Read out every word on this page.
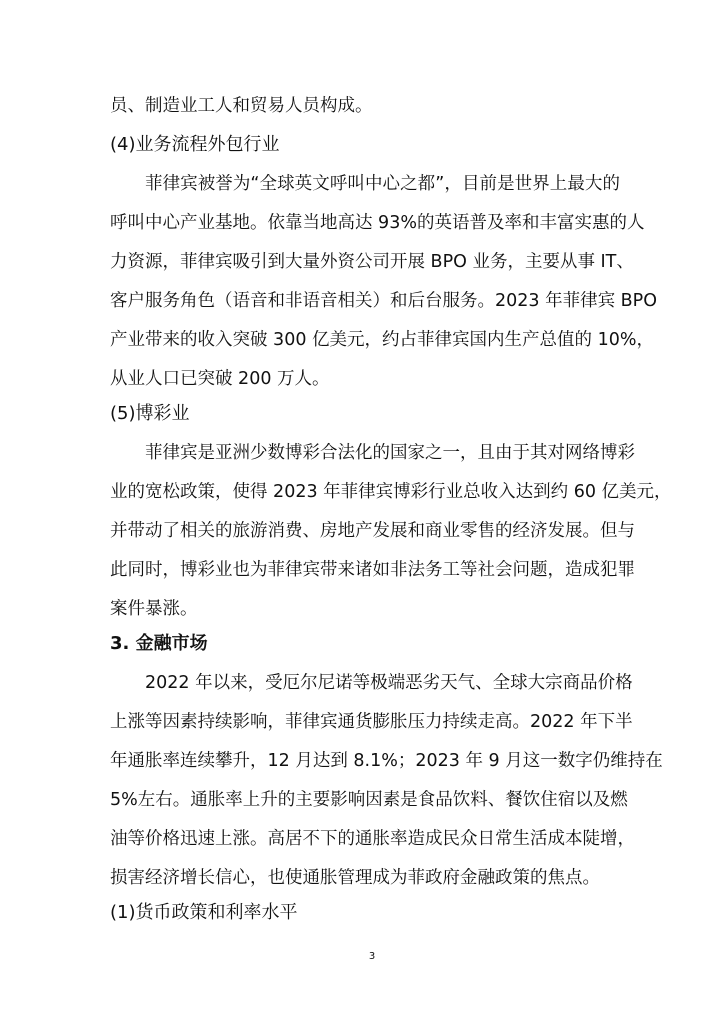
员、制造业工人和贸易人员构成。
(4)业务流程外包行业
菲律宾被誉为“全球英文呼叫中心之都”，目前是世界上最大的
呼叫中心产业基地。依靠当地高达 93%的英语普及率和丰富实惠的人
力资源，菲律宾吸引到大量外资公司开展 BPO 业务，主要从事 IT、
客户服务角色（语音和非语音相关）和后台服务。2023 年菲律宾 BPO
产业带来的收入突破 300 亿美元，约占菲律宾国内生产总值的 10%，
从业人口已突破 200 万人。
(5)博彩业
菲律宾是亚洲少数博彩合法化的国家之一，且由于其对网络博彩
业的宽松政策，使得 2023 年菲律宾博彩行业总收入达到约 60 亿美元，
并带动了相关的旅游消费、房地产发展和商业零售的经济发展。但与
此同时，博彩业也为菲律宾带来诸如非法务工等社会问题，造成犯罪
案件暴涨。
3. 金融市场
2022 年以来，受厄尔尼诺等极端恶劣天气、全球大宗商品价格
上涨等因素持续影响，菲律宾通货膨胀压力持续走高。2022 年下半
年通胀率连续攀升，12 月达到 8.1%；2023 年 9 月这一数字仍维持在
5%左右。通胀率上升的主要影响因素是食品饮料、餐饮住宿以及燃
油等价格迅速上涨。高居不下的通胀率造成民众日常生活成本陡增，
损害经济增长信心，也使通胀管理成为菲政府金融政策的焦点。
(1)货币政策和利率水平
3
